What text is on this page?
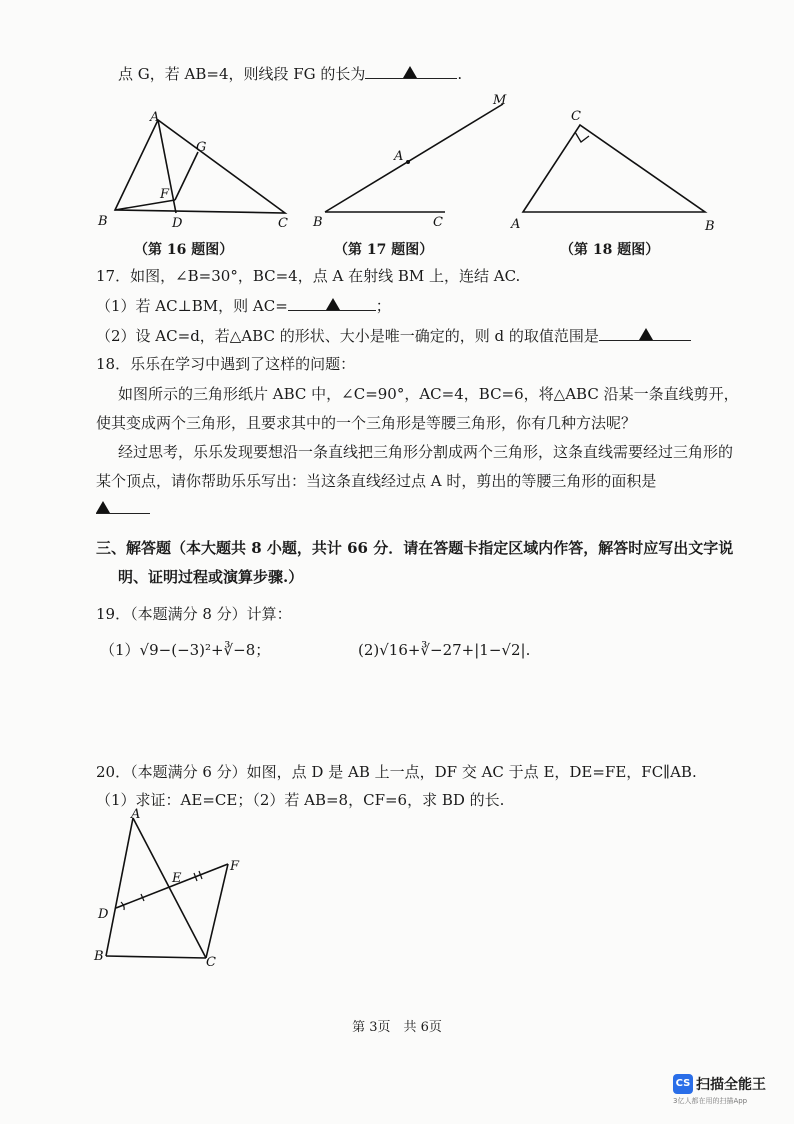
点 G，若 AB=4，则线段 FG 的长为	.
A
G
F
B	D	C
M
A
B	C
C
A	B
（第 16 题图）	（第 17 题图）	（第 18 题图）
17．如图，∠B=30°，BC=4，点 A 在射线 BM 上，连结 AC.
（1）若 AC⊥BM，则 AC=	；
（2）设 AC=d，若△ABC 的形状、大小是唯一确定的，则 d 的取值范围是
18．乐乐在学习中遇到了这样的问题：
如图所示的三角形纸片 ABC 中，∠C=90°，AC=4，BC=6，将△ABC 沿某一条直线剪开，
使其变成两个三角形，且要求其中的一个三角形是等腰三角形，你有几种方法呢？
经过思考，乐乐发现要想沿一条直线把三角形分割成两个三角形，这条直线需要经过三角形的
某个顶点，请你帮助乐乐写出：当这条直线经过点 A 时，剪出的等腰三角形的面积是
三、解答题（本大题共 8 小题，共计 66 分．请在答题卡指定区域内作答，解答时应写出文字说
明、证明过程或演算步骤.）
19．（本题满分 8 分）计算：
（1）√9−(−3)²+∛−8；	(2)√16+∛−27+|1−√2|.
20．（本题满分 6 分）如图，点 D 是 AB 上一点，DF 交 AC 于点 E，DE=FE，FC∥AB.
（1）求证：AE=CE；（2）若 AB=8，CF=6，求 BD 的长.
A
E
F
D
B	C
第 3页　共 6页
CS 扫描全能王
3亿人都在用的扫描App
